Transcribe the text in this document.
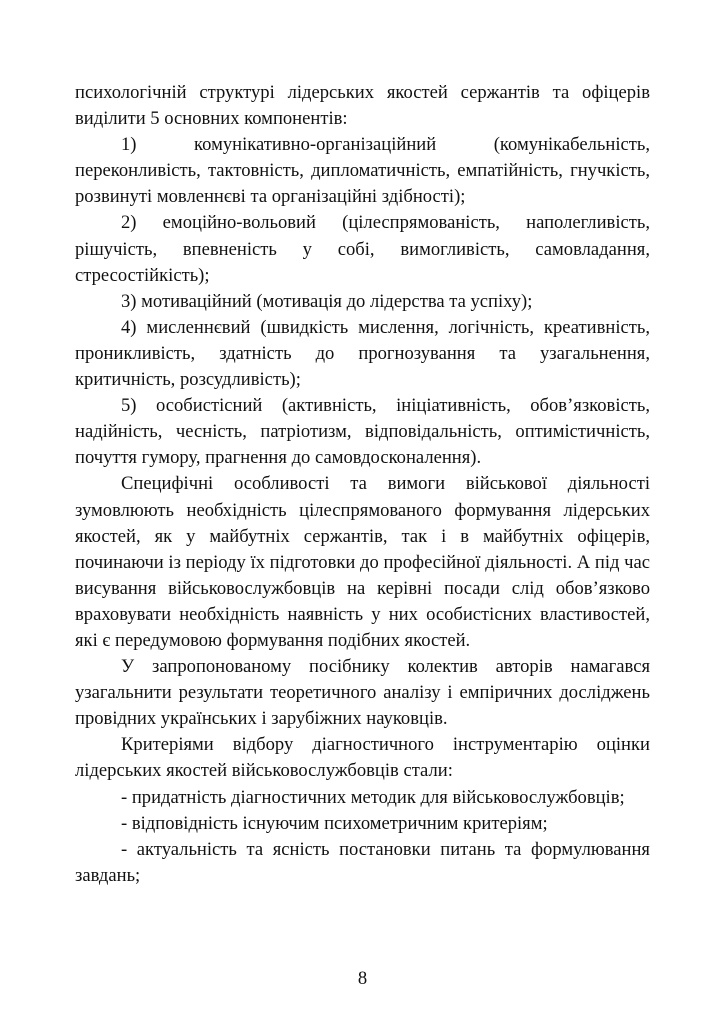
психологічній структурі лідерських якостей сержантів та офіцерів виділити 5 основних компонентів:

1) комунікативно-організаційний (комунікабельність, переконливість, тактовність, дипломатичність, емпатійність, гнучкість, розвинуті мовленнєві та організаційні здібності);

2) емоційно-вольовий (цілеспрямованість, наполегливість, рішучість, впевненість у собі, вимогливість, самовладання, стресостійкість);

3) мотиваційний (мотивація до лідерства та успіху);

4) мисленнєвий (швидкість мислення, логічність, креативність, проникливість, здатність до прогнозування та узагальнення, критичність, розсудливість);

5) особистісний (активність, ініціативність, обов’язковість, надійність, чесність, патріотизм, відповідальність, оптимістичність, почуття гумору, прагнення до самовдосконалення).

Специфічні особливості та вимоги військової діяльності зумовлюють необхідність цілеспрямованого формування лідерських якостей, як у майбутніх сержантів, так і в майбутніх офіцерів, починаючи із періоду їх підготовки до професійної діяльності. А під час висування військовослужбовців на керівні посади слід обов’язково враховувати необхідність наявність у них особистісних властивостей, які є передумовою формування подібних якостей.

У запропонованому посібнику колектив авторів намагався узагальнити результати теоретичного аналізу і емпіричних досліджень провідних українських і зарубіжних науковців.

Критеріями відбору діагностичного інструментарію оцінки лідерських якостей військовослужбовців стали:

- придатність діагностичних методик для військовослужбовців;

- відповідність існуючим психометричним критеріям;

- актуальність та ясність постановки питань та формулювання завдань;

8
